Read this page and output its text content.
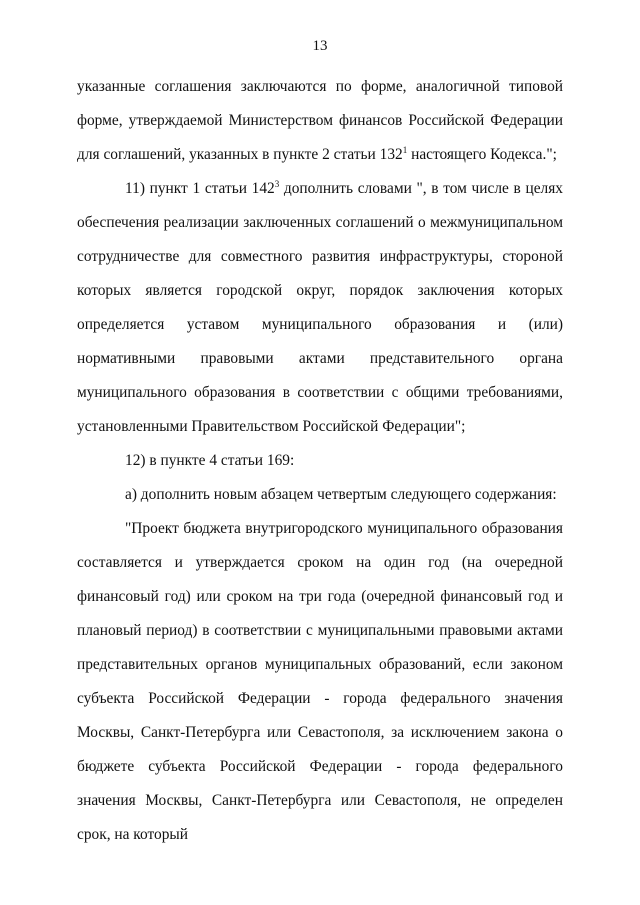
13

указанные соглашения заключаются по форме, аналогичной типовой форме, утверждаемой Министерством финансов Российской Федерации для соглашений, указанных в пункте 2 статьи $132^1$ настоящего Кодекса.";

11) пункт 1 статьи $142^3$ дополнить словами ", в том числе в целях обеспечения реализации заключенных соглашений о межмуниципальном сотрудничестве для совместного развития инфраструктуры, стороной которых является городской округ, порядок заключения которых определяется уставом муниципального образования и (или) нормативными правовыми актами представительного органа муниципального образования в соответствии с общими требованиями, установленными Правительством Российской Федерации";

12) в пункте 4 статьи 169:

а) дополнить новым абзацем четвертым следующего содержания:

"Проект бюджета внутригородского муниципального образования составляется и утверждается сроком на один год (на очередной финансовый год) или сроком на три года (очередной финансовый год и плановый период) в соответствии с муниципальными правовыми актами представительных органов муниципальных образований, если законом субъекта Российской Федерации - города федерального значения Москвы, Санкт-Петербурга или Севастополя, за исключением закона о бюджете субъекта Российской Федерации - города федерального значения Москвы, Санкт-Петербурга или Севастополя, не определен срок, на который
